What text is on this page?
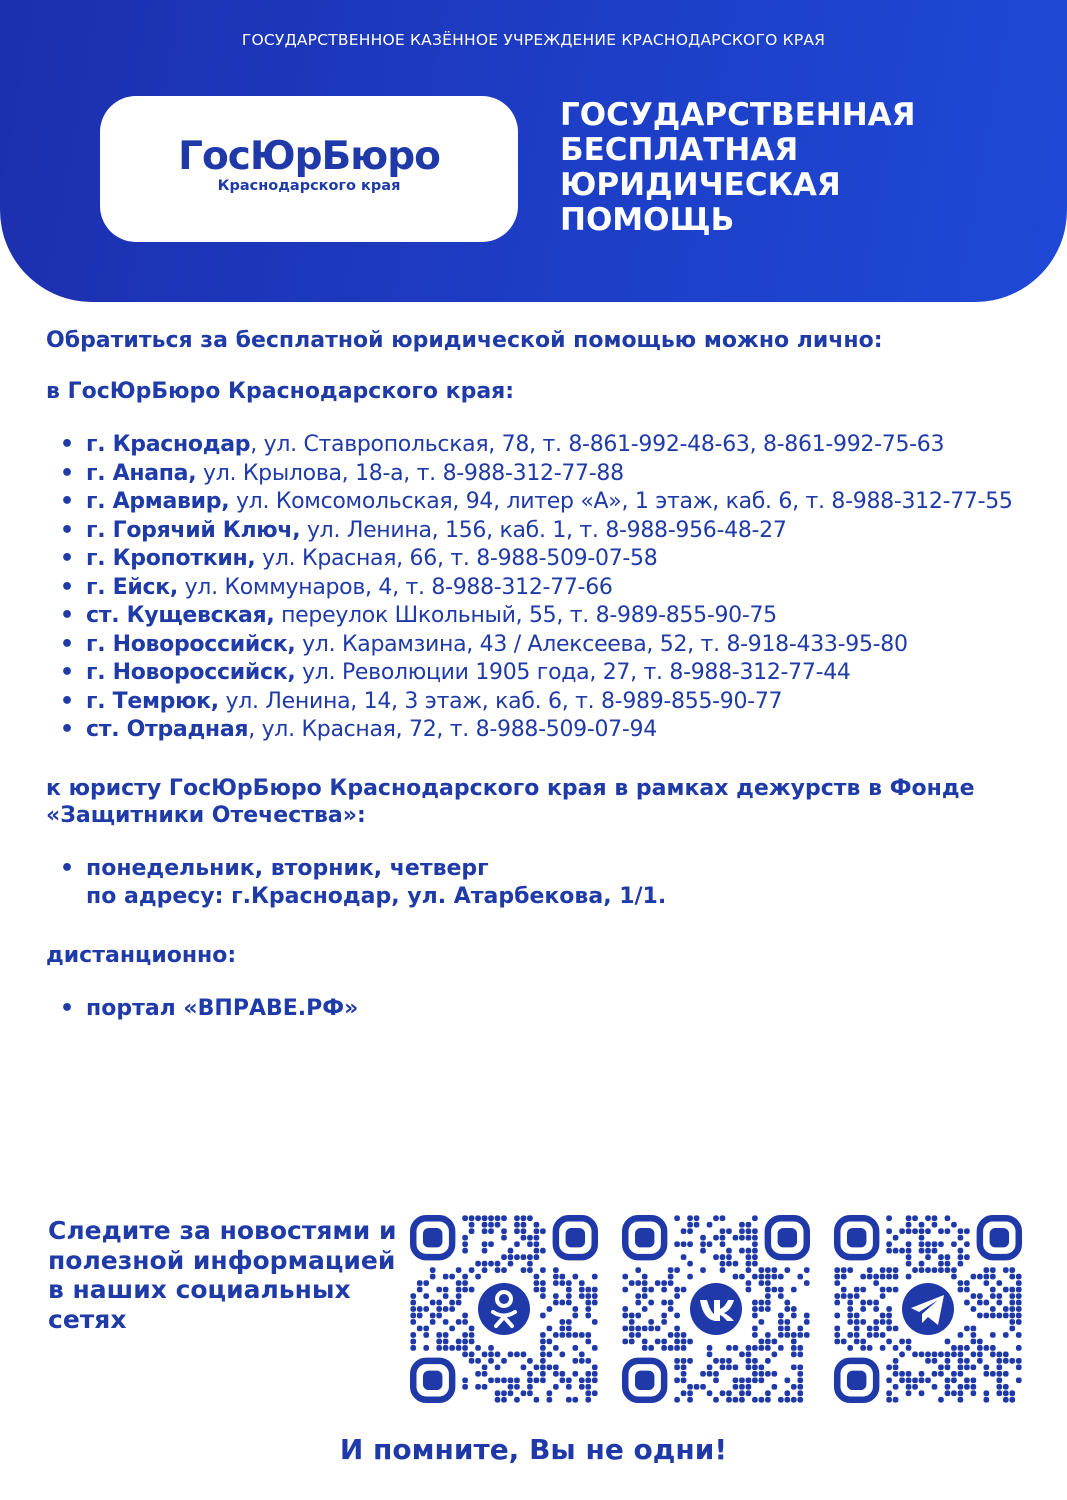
ГОСУДАРСТВЕННОЕ КАЗЁННОЕ УЧРЕЖДЕНИЕ КРАСНОДАРСКОГО КРАЯ
ГосЮрБюро
Краснодарского края
ГОСУДАРСТВЕННАЯ
БЕСПЛАТНАЯ
ЮРИДИЧЕСКАЯ
ПОМОЩЬ

Обратиться за бесплатной юридической помощью можно лично:

в ГосЮрБюро Краснодарского края:

• г. Краснодар, ул. Ставропольская, 78, т. 8-861-992-48-63, 8-861-992-75-63
• г. Анапа, ул. Крылова, 18-а, т. 8-988-312-77-88
• г. Армавир, ул. Комсомольская, 94, литер «А», 1 этаж, каб. 6, т. 8-988-312-77-55
• г. Горячий Ключ, ул. Ленина, 156, каб. 1, т. 8-988-956-48-27
• г. Кропоткин, ул. Красная, 66, т. 8-988-509-07-58
• г. Ейск, ул. Коммунаров, 4, т. 8-988-312-77-66
• ст. Кущевская, переулок Школьный, 55, т. 8-989-855-90-75
• г. Новороссийск, ул. Карамзина, 43 / Алексеева, 52, т. 8-918-433-95-80
• г. Новороссийск, ул. Революции 1905 года, 27, т. 8-988-312-77-44
• г. Темрюк, ул. Ленина, 14, 3 этаж, каб. 6, т. 8-989-855-90-77
• ст. Отрадная, ул. Красная, 72, т. 8-988-509-07-94

к юристу ГосЮрБюро Краснодарского края в рамках дежурств в Фонде «Защитники Отечества»:

• понедельник, вторник, четверг
по адресу: г.Краснодар, ул. Атарбекова, 1/1.

дистанционно:

• портал «ВПРАВЕ.РФ»
Следите за новостями и полезной информацией в наших социальных сетях
И помните, Вы не одни!
